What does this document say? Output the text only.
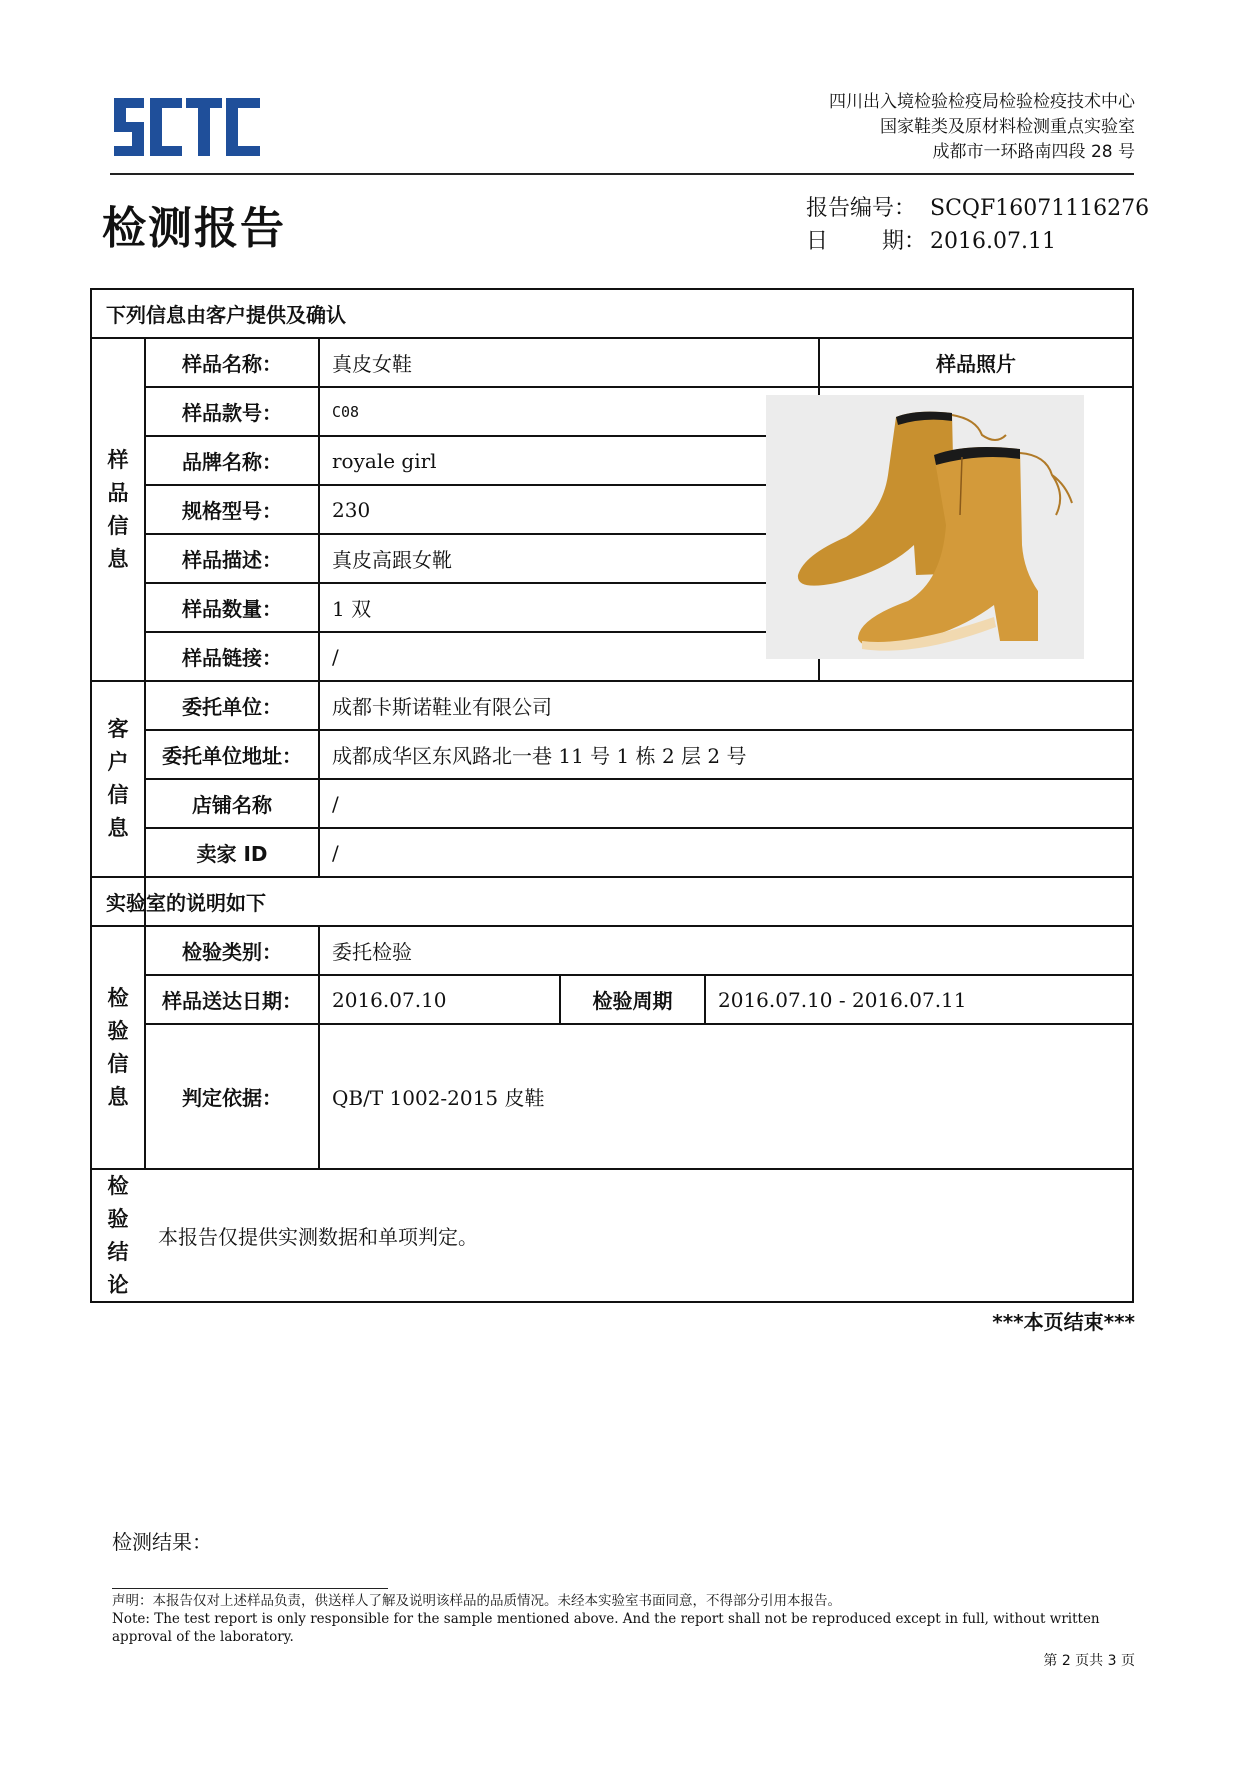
四川出入境检验检疫局检验检疫技术中心
国家鞋类及原材料检测重点实验室
成都市一环路南四段 28 号
检测报告	报告编号： SCQF16071116276
日 期： 2016.07.11
下列信息由客户提供及确认
样
品
信
息
样品名称：	真皮女鞋
样品款号：	C08
品牌名称：	royale girl
规格型号：	230
样品描述：	真皮高跟女靴
样品数量：	1 双
样品链接：	/
样品照片
客
户
信
息
委托单位：	成都卡斯诺鞋业有限公司
委托单位地址：	成都成华区东风路北一巷 11 号 1 栋 2 层 2 号
店铺名称	/
卖家 ID	/
实验室的说明如下
检
验
信
息
检验类别：	委托检验
样品送达日期：	2016.07.10	检验周期	2016.07.10 - 2016.07.11
判定依据：	QB/T 1002-2015 皮鞋
检
验
结
论
本报告仅提供实测数据和单项判定。
***本页结束***
检测结果：
声明：本报告仅对上述样品负责，供送样人了解及说明该样品的品质情况。未经本实验室书面同意，不得部分引用本报告。
Note: The test report is only responsible for the sample mentioned above. And the report shall not be reproduced except in full, without written approval of the laboratory.
第 2 页共 3 页
